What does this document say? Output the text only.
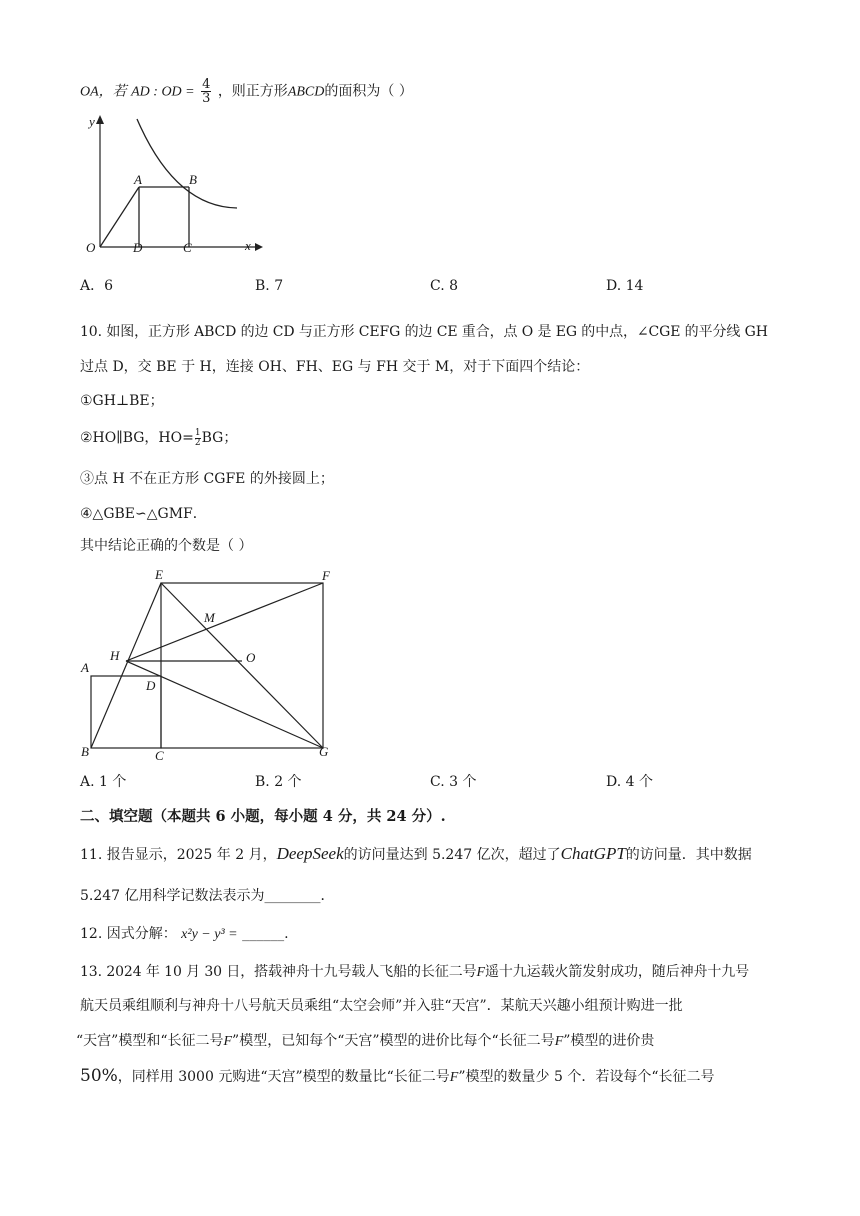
OA，若 AD : OD = $\frac{4}{3}$ ，则正方形ABCD的面积为（ ）
y
x
O
A	B
D	C
A．6	B. 7	C. 8	D. 14
10. 如图，正方形 ABCD 的边 CD 与正方形 CEFG 的边 CE 重合，点 O 是 EG 的中点，∠CGE 的平分线 GH
过点 D，交 BE 于 H，连接 OH、FH、EG 与 FH 交于 M，对于下面四个结论：
①GH⊥BE；
②HO∥BG，$HO= \frac{1}{2}$ BG；
③点 H 不在正方形 CGFE 的外接圆上；
④△GBE∽△GMF．
其中结论正确的个数是（ ）
E	F
M
H	O
A
D
B	C	G
A. 1 个	B. 2 个	C. 3 个	D. 4 个
二、填空题（本题共 6 小题，每小题 4 分，共 24 分）.
11. 报告显示，2025 年 2 月，DeepSeek的访问量达到 5.247 亿次，超过了ChatGPT的访问量．其中数据
5.247 亿用科学记数法表示为________．
12. 因式分解： x²y − y³ = ______.
13. 2024 年 10 月 30 日，搭载神舟十九号载人飞船的长征二号F遥十九运载火箭发射成功，随后神舟十九号
航天员乘组顺利与神舟十八号航天员乘组“太空会师”并入驻“天宫”．某航天兴趣小组预计购进一批
“天宫”模型和“长征二号F”模型，已知每个“天宫”模型的进价比每个“长征二号F”模型的进价贵
50%，同样用 3000 元购进“天宫”模型的数量比“长征二号F”模型的数量少 5 个．若设每个“长征二号
